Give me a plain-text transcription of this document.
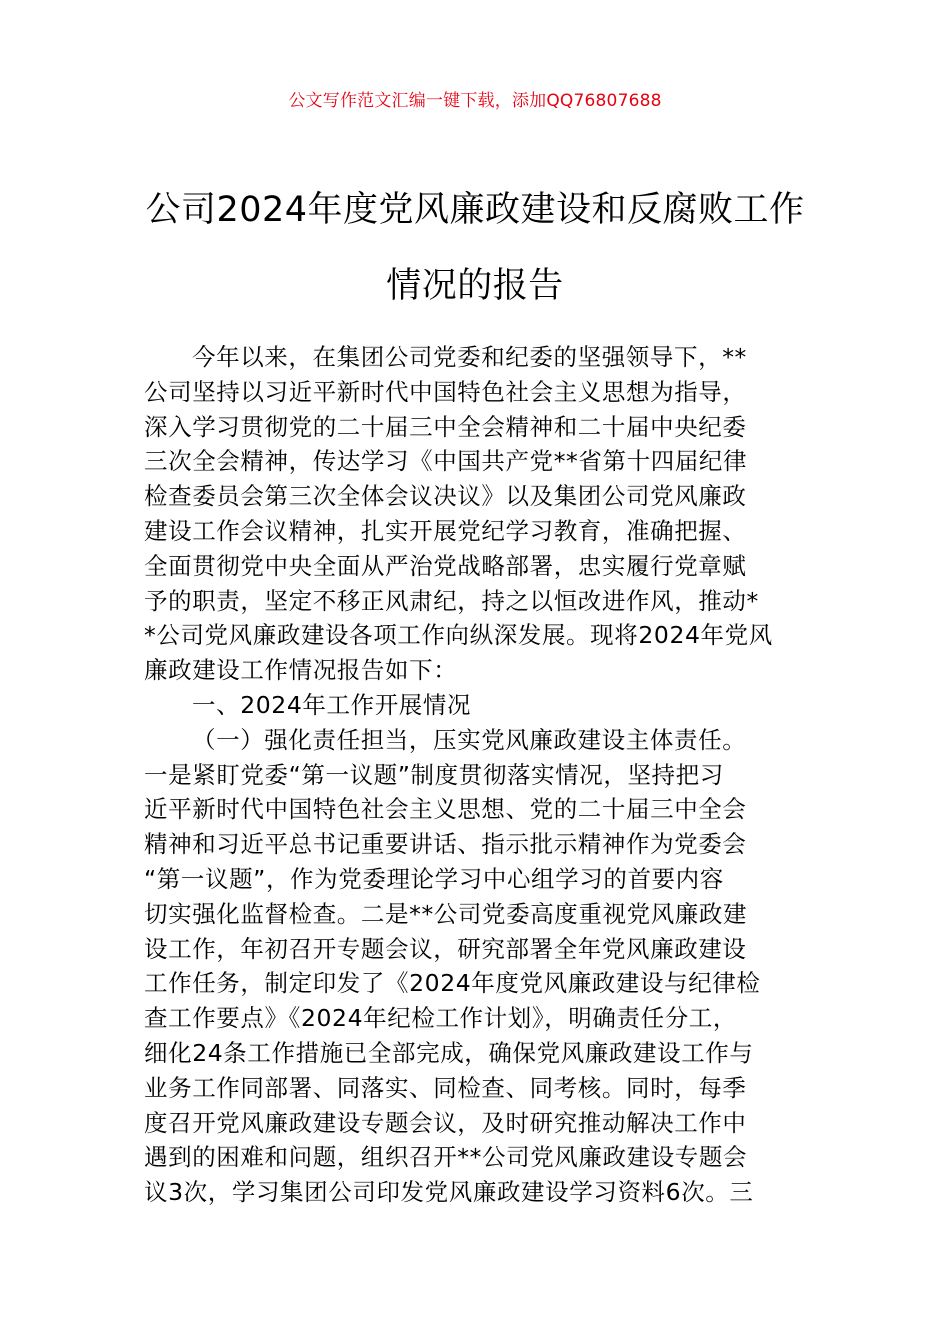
公文写作范文汇编一键下载，添加QQ76807688
公司2024年度党风廉政建设和反腐败工作
情况的报告
今年以来，在集团公司党委和纪委的坚强领导下，**
公司坚持以习近平新时代中国特色社会主义思想为指导，
深入学习贯彻党的二十届三中全会精神和二十届中央纪委
三次全会精神，传达学习《中国共产党**省第十四届纪律
检查委员会第三次全体会议决议》以及集团公司党风廉政
建设工作会议精神，扎实开展党纪学习教育，准确把握、
全面贯彻党中央全面从严治党战略部署，忠实履行党章赋
予的职责，坚定不移正风肃纪，持之以恒改进作风，推动*
*公司党风廉政建设各项工作向纵深发展。现将2024年党风
廉政建设工作情况报告如下：
一、2024年工作开展情况
（一）强化责任担当，压实党风廉政建设主体责任。
一是紧盯党委“第一议题”制度贯彻落实情况，坚持把习
近平新时代中国特色社会主义思想、党的二十届三中全会
精神和习近平总书记重要讲话、指示批示精神作为党委会
“第一议题”，作为党委理论学习中心组学习的首要内容
切实强化监督检查。二是**公司党委高度重视党风廉政建
设工作，年初召开专题会议，研究部署全年党风廉政建设
工作任务，制定印发了《2024年度党风廉政建设与纪律检
查工作要点》《2024年纪检工作计划》，明确责任分工，
细化24条工作措施已全部完成，确保党风廉政建设工作与
业务工作同部署、同落实、同检查、同考核。同时，每季
度召开党风廉政建设专题会议，及时研究推动解决工作中
遇到的困难和问题，组织召开**公司党风廉政建设专题会
议3次，学习集团公司印发党风廉政建设学习资料6次。三
